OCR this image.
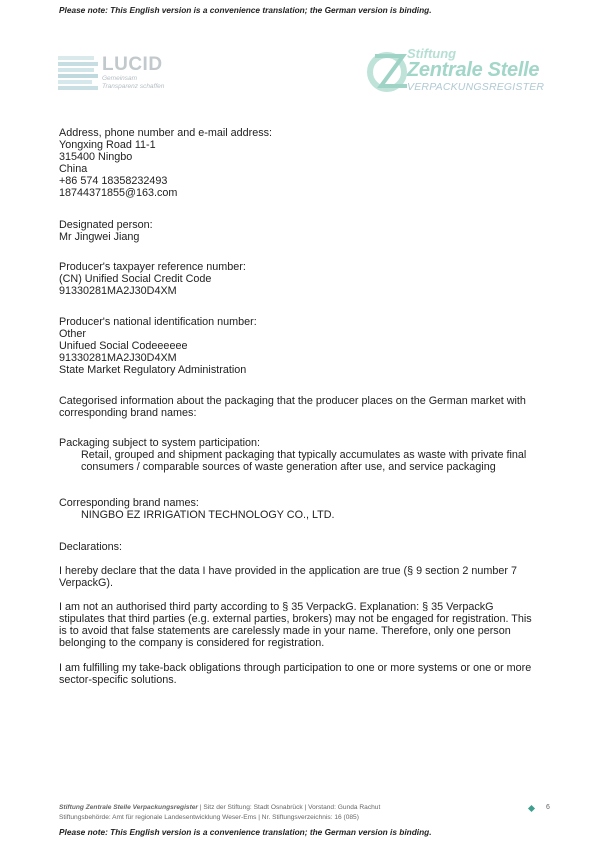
Please note: This English version is a convenience translation; the German version is binding.
LUCID
Gemeinsam
Transparenz schaffen
Stiftung
Zentrale Stelle
VERPACKUNGSREGISTER
Address, phone number and e-mail address:
Yongxing Road 11-1
315400 Ningbo
China
+86 574 18358232493
18744371855@163.com
Designated person:
Mr Jingwei Jiang
Producer's taxpayer reference number:
(CN) Unified Social Credit Code
91330281MA2J30D4XM
Producer's national identification number:
Other
Unifued Social Codeeeeee
91330281MA2J30D4XM
State Market Regulatory Administration
Categorised information about the packaging that the producer places on the German market with
corresponding brand names:
Packaging subject to system participation:
Retail, grouped and shipment packaging that typically accumulates as waste with private final
consumers / comparable sources of waste generation after use, and service packaging
Corresponding brand names:
NINGBO EZ IRRIGATION TECHNOLOGY CO., LTD.
Declarations:
I hereby declare that the data I have provided in the application are true (§ 9 section 2 number 7
VerpackG).
I am not an authorised third party according to § 35 VerpackG. Explanation: § 35 VerpackG
stipulates that third parties (e.g. external parties, brokers) may not be engaged for registration. This
is to avoid that false statements are carelessly made in your name. Therefore, only one person
belonging to the company is considered for registration.
I am fulfilling my take-back obligations through participation to one or more systems or one or more
sector-specific solutions.
Stiftung Zentrale Stelle Verpackungsregister | Sitz der Stiftung: Stadt Osnabrück | Vorstand: Gunda Rachut
Stiftungsbehörde: Amt für regionale Landesentwicklung Weser-Ems | Nr. Stiftungsverzeichnis: 16 (085)
6
Please note: This English version is a convenience translation; the German version is binding.
